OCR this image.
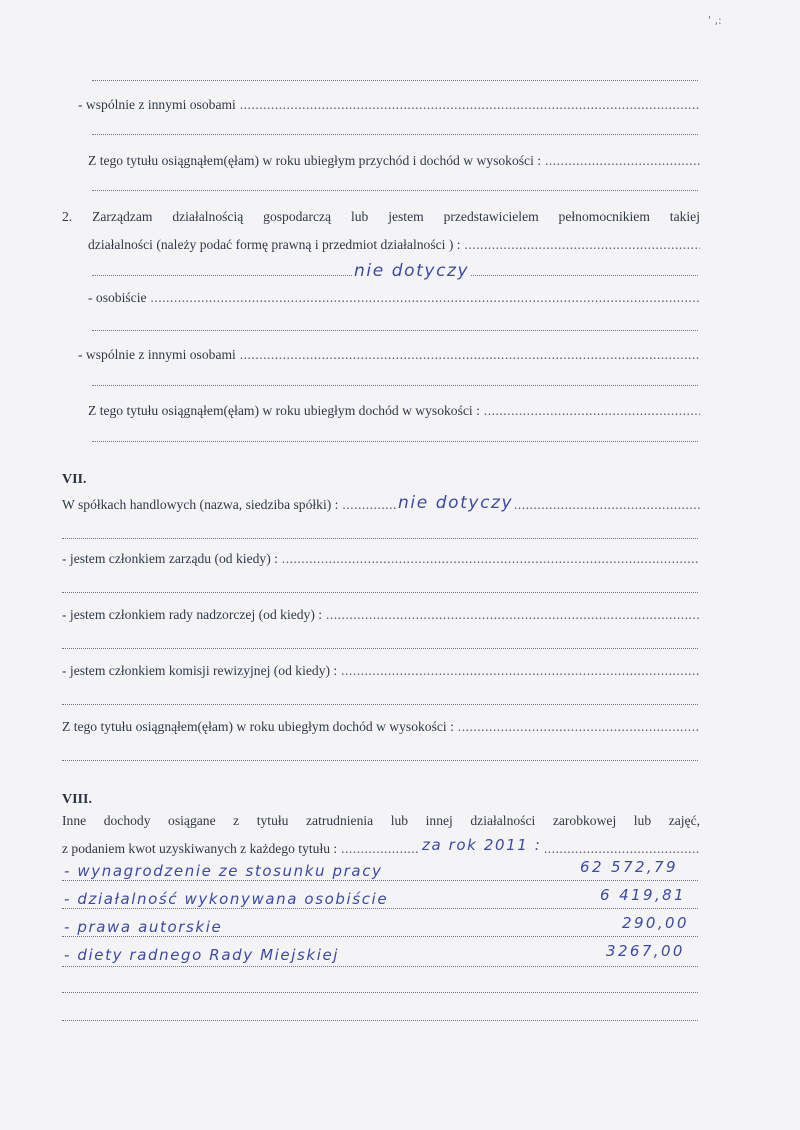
' ,:
- wspólnie z innymi osobami .....
Z tego tytułu osiągnąłem(ęłam) w roku ubiegłym przychód i dochód w wysokości : .....
2. Zarządzam działalnością gospodarczą lub jestem przedstawicielem pełnomocnikiem takiej
działalności (należy podać formę prawną i przedmiot działalności ) : .....
nie dotyczy
- osobiście .....
- wspólnie z innymi osobami .....
Z tego tytułu osiągnąłem(ęłam) w roku ubiegłym dochód w wysokości : .....
VII.
W spółkach handlowych (nazwa, siedziba spółki) : .....	nie dotyczy
- jestem członkiem zarządu (od kiedy) : .....
- jestem członkiem rady nadzorczej (od kiedy) : .....
- jestem członkiem komisji rewizyjnej (od kiedy) : .....
Z tego tytułu osiągnąłem(ęłam) w roku ubiegłym dochód w wysokości : .....
VIII.
Inne dochody osiągane z tytułu zatrudnienia lub innej działalności zarobkowej lub zajęć,
z podaniem kwot uzyskiwanych z każdego tytułu : .....	za rok 2011 :
- wynagrodzenie ze stosunku pracy	62 572,79
- działalność wykonywana osobiście	6 419,81
- prawa autorskie	290,00
- diety radnego Rady Miejskiej	3267,00
